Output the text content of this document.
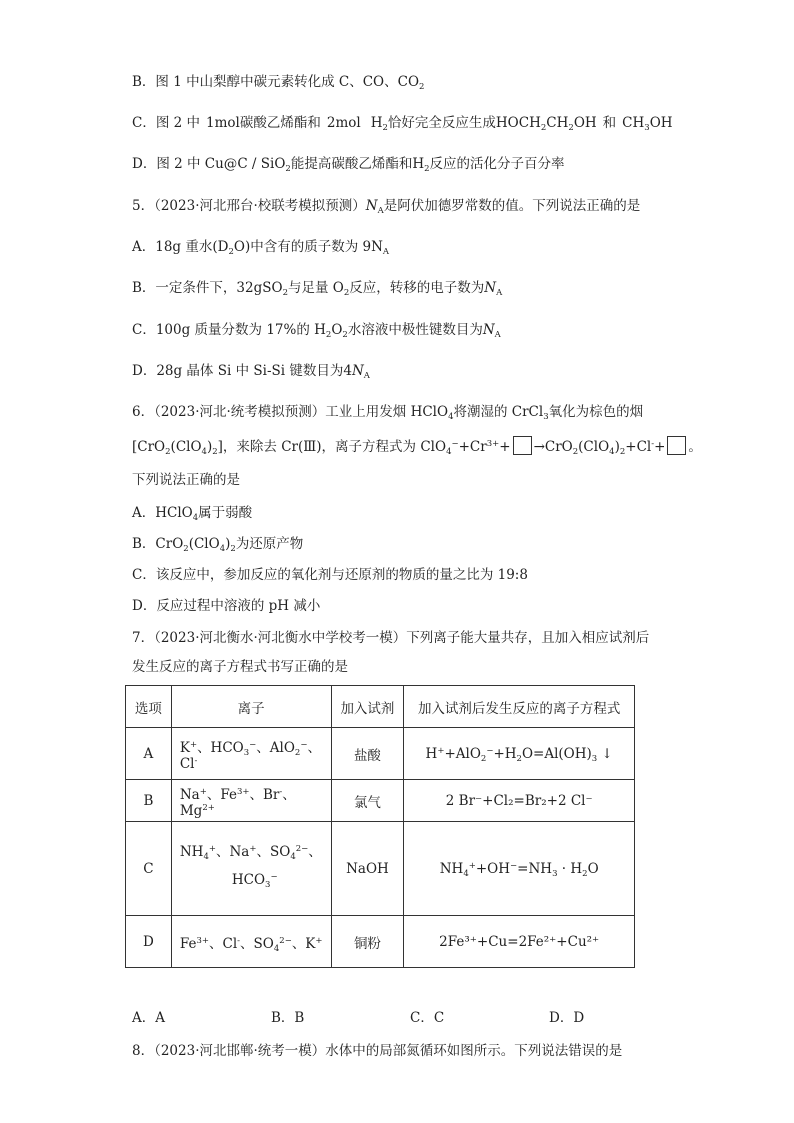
B．图 1 中山梨醇中碳元素转化成 C、CO、$CO_2$
C．图 2 中 1mol碳酸乙烯酯和 2mol $H_2$恰好完全反应生成$HOCH_2CH_2OH$ 和 $CH_3OH$
D．图 2 中 Cu@C / SiO$_2$能提高碳酸乙烯酯和$H_2$反应的活化分子百分率
5．（2023·河北邢台·校联考模拟预测）$N_A$是阿伏加德罗常数的值。下列说法正确的是
A．18g 重水$(D_2O)$中含有的质子数为 $9N_A$
B．一定条件下，32gSO$_2$与足量 $O_2$反应，转移的电子数为$N_A$
C．100g 质量分数为 17%的 $H_2O_2$水溶液中极性键数目为$N_A$
D．28g 晶体 Si 中 Si-Si 键数目为$4N_A$
6．（2023·河北·统考模拟预测）工业上用发烟 HClO$_4$将潮湿的 CrCl$_3$氧化为棕色的烟
$[CrO_2(ClO_4)_2]$，来除去 Cr(Ⅲ)，离子方程式为 $ClO_4^-+Cr^{3+}+ \to CrO_2(ClO_4)_2+Cl^-+$ 。
下列说法正确的是
A．HClO$_4$属于弱酸
B．$CrO_2(ClO_4)_2$为还原产物
C．该反应中，参加反应的氧化剂与还原剂的物质的量之比为 19:8
D．反应过程中溶液的 pH 减小
7．（2023·河北衡水·河北衡水中学校考一模）下列离子能大量共存，且加入相应试剂后
发生反应的离子方程式书写正确的是
选项	离子	加入试剂	加入试剂后发生反应的离子方程式
A	K+、$HCO_3^-$、AlO$_2$−、Cl-	盐酸	$H^++AlO_2^-+H_2O=Al(OH)_3$ ↓
B	Na+、$Fe^{3+}$、Br-、$Mg^{2+}$	氯气	2 Br⁻+Cl₂=Br₂+2 Cl⁻
C	$NH_4^+$、Na+、$SO_4^{2-}$、
$HCO_3^-$	NaOH	$NH_4^++OH^-=NH_3 \cdot H_2O$
D	$Fe^{3+}$、Cl-、$SO_4^{2-}$、K+	铜粉	2Fe³⁺+Cu=2Fe²⁺+Cu²⁺
A．A	B．B	C．C	D．D
8．（2023·河北邯郸·统考一模）水体中的局部氮循环如图所示。下列说法错误的是
